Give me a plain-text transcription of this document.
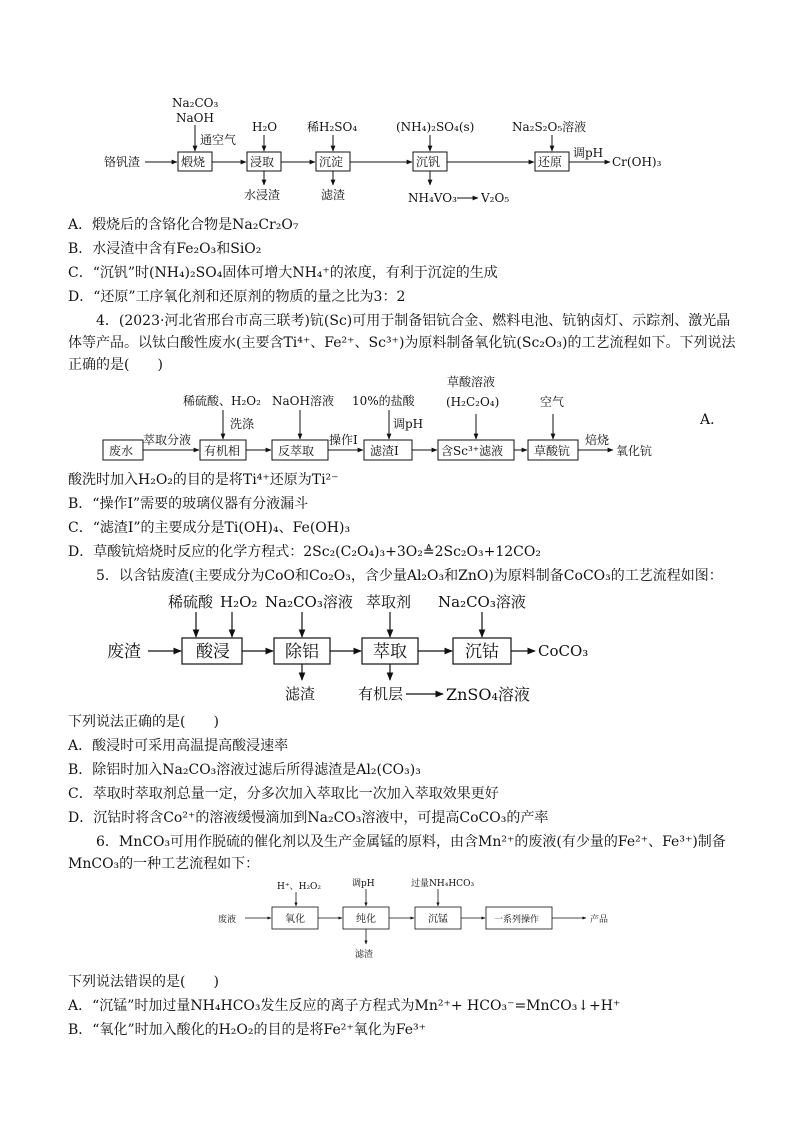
铬钒渣
Na₂CO₃
NaOH
通空气
煅烧
H₂O
浸取
水浸渣
稀H₂SO₄
沉淀
滤渣
(NH₄)₂SO₄(s)
沉钒
NH₄VO₃ V₂O₅
Na₂S₂O₅溶液
还原
调pH
Cr(OH)₃
A．煅烧后的含铬化合物是Na₂Cr₂O₇
B．水浸渣中含有Fe₂O₃和SiO₂
C．“沉钒”时(NH₄)₂SO₄固体可增大NH₄⁺的浓度，有利于沉淀的生成
D．“还原”工序氧化剂和还原剂的物质的量之比为3：2
4．(2023·河北省邢台市高三联考)钪(Sc)可用于制备铝钪合金、燃料电池、钪钠卤灯、示踪剂、激光晶
体等产品。以钛白酸性废水(主要含Ti⁴⁺、Fe²⁺、Sc³⁺)为原料制备氧化钪(Sc₂O₃)的工艺流程如下。下列说法
正确的是(　　)
废水
萃取分液
稀硫酸、H₂O₂
洗涤
有机相
NaOH溶液
反萃取
操作Ⅰ
10%的盐酸
调pH
滤渣Ⅰ
草酸溶液
(H₂C₂O₄)
含Sc³⁺滤液
空气
草酸钪
焙烧
氧化钪
A．
酸洗时加入H₂O₂的目的是将Ti⁴⁺还原为Ti²⁻
B．“操作Ⅰ”需要的玻璃仪器有分液漏斗
C．“滤渣Ⅰ”的主要成分是Ti(OH)₄、Fe(OH)₃
D．草酸钪焙烧时反应的化学方程式：2Sc₂(C₂O₄)₃+3O₂≜2Sc₂O₃+12CO₂
5．以含钴废渣(主要成分为CoO和Co₂O₃，含少量Al₂O₃和ZnO)为原料制备CoCO₃的工艺流程如图：
废渣
稀硫酸 H₂O₂
酸浸
Na₂CO₃溶液
除铝
滤渣
萃取剂
萃取
有机层	ZnSO₄溶液
Na₂CO₃溶液
沉钴	CoCO₃
下列说法正确的是(　　)
A．酸浸时可采用高温提高酸浸速率
B．除铝时加入Na₂CO₃溶液过滤后所得滤渣是Al₂(CO₃)₃
C．萃取时萃取剂总量一定，分多次加入萃取比一次加入萃取效果更好
D．沉钴时将含Co²⁺的溶液缓慢滴加到Na₂CO₃溶液中，可提高CoCO₃的产率
6．MnCO₃可用作脱硫的催化剂以及生产金属锰的原料，由含Mn²⁺的废液(有少量的Fe²⁺、Fe³⁺)制备
MnCO₃的一种工艺流程如下：
废液
H⁺、H₂O₂
氧化
调pH
纯化
滤渣
过量NH₄HCO₃
沉锰	一系列操作	产品
下列说法错误的是(　　)
A．“沉锰”时加过量NH₄HCO₃发生反应的离子方程式为Mn²⁺+ HCO₃⁻=MnCO₃↓+H⁺
B．“氧化”时加入酸化的H₂O₂的目的是将Fe²⁺氧化为Fe³⁺
